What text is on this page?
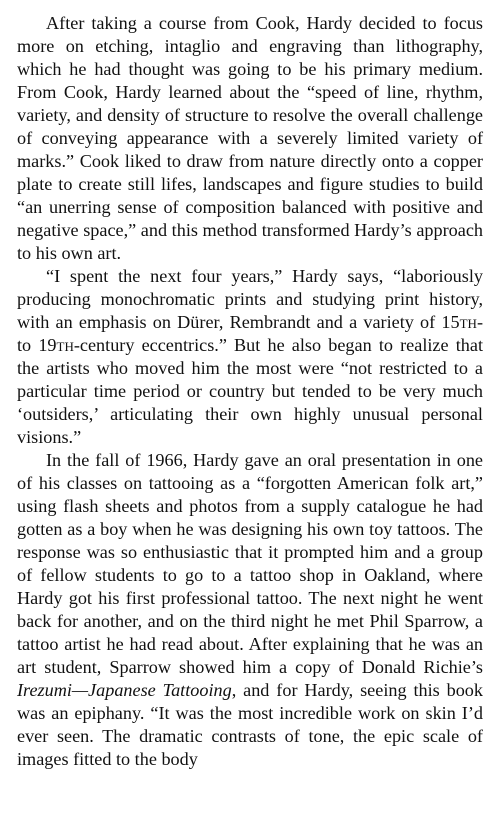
After taking a course from Cook, Hardy decided to focus more on etching, intaglio and engraving than lithography, which he had thought was going to be his primary medium. From Cook, Hardy learned about the “speed of line, rhythm, variety, and density of structure to resolve the overall challenge of conveying appearance with a severely limited variety of marks.” Cook liked to draw from nature directly onto a copper plate to create still lifes, landscapes and figure studies to build “an unerring sense of composition balanced with positive and negative space,” and this method transformed Hardy’s approach to his own art.

“I spent the next four years,” Hardy says, “laboriously producing monochromatic prints and studying print history, with an emphasis on Dürer, Rembrandt and a variety of 15th- to 19th-century eccentrics.” But he also began to realize that the artists who moved him the most were “not restricted to a particular time period or country but tended to be very much ‘outsiders,’ articulating their own highly unusual personal visions.”

In the fall of 1966, Hardy gave an oral presentation in one of his classes on tattooing as a “forgotten American folk art,” using flash sheets and photos from a supply catalogue he had gotten as a boy when he was designing his own toy tattoos. The response was so enthusiastic that it prompted him and a group of fellow students to go to a tattoo shop in Oakland, where Hardy got his first professional tattoo. The next night he went back for another, and on the third night he met Phil Sparrow, a tattoo artist he had read about. After explaining that he was an art student, Sparrow showed him a copy of Donald Richie’s Irezumi—Japanese Tattooing, and for Hardy, seeing this book was an epiphany. “It was the most incredible work on skin I’d ever seen. The dramatic contrasts of tone, the epic scale of images fitted to the body
